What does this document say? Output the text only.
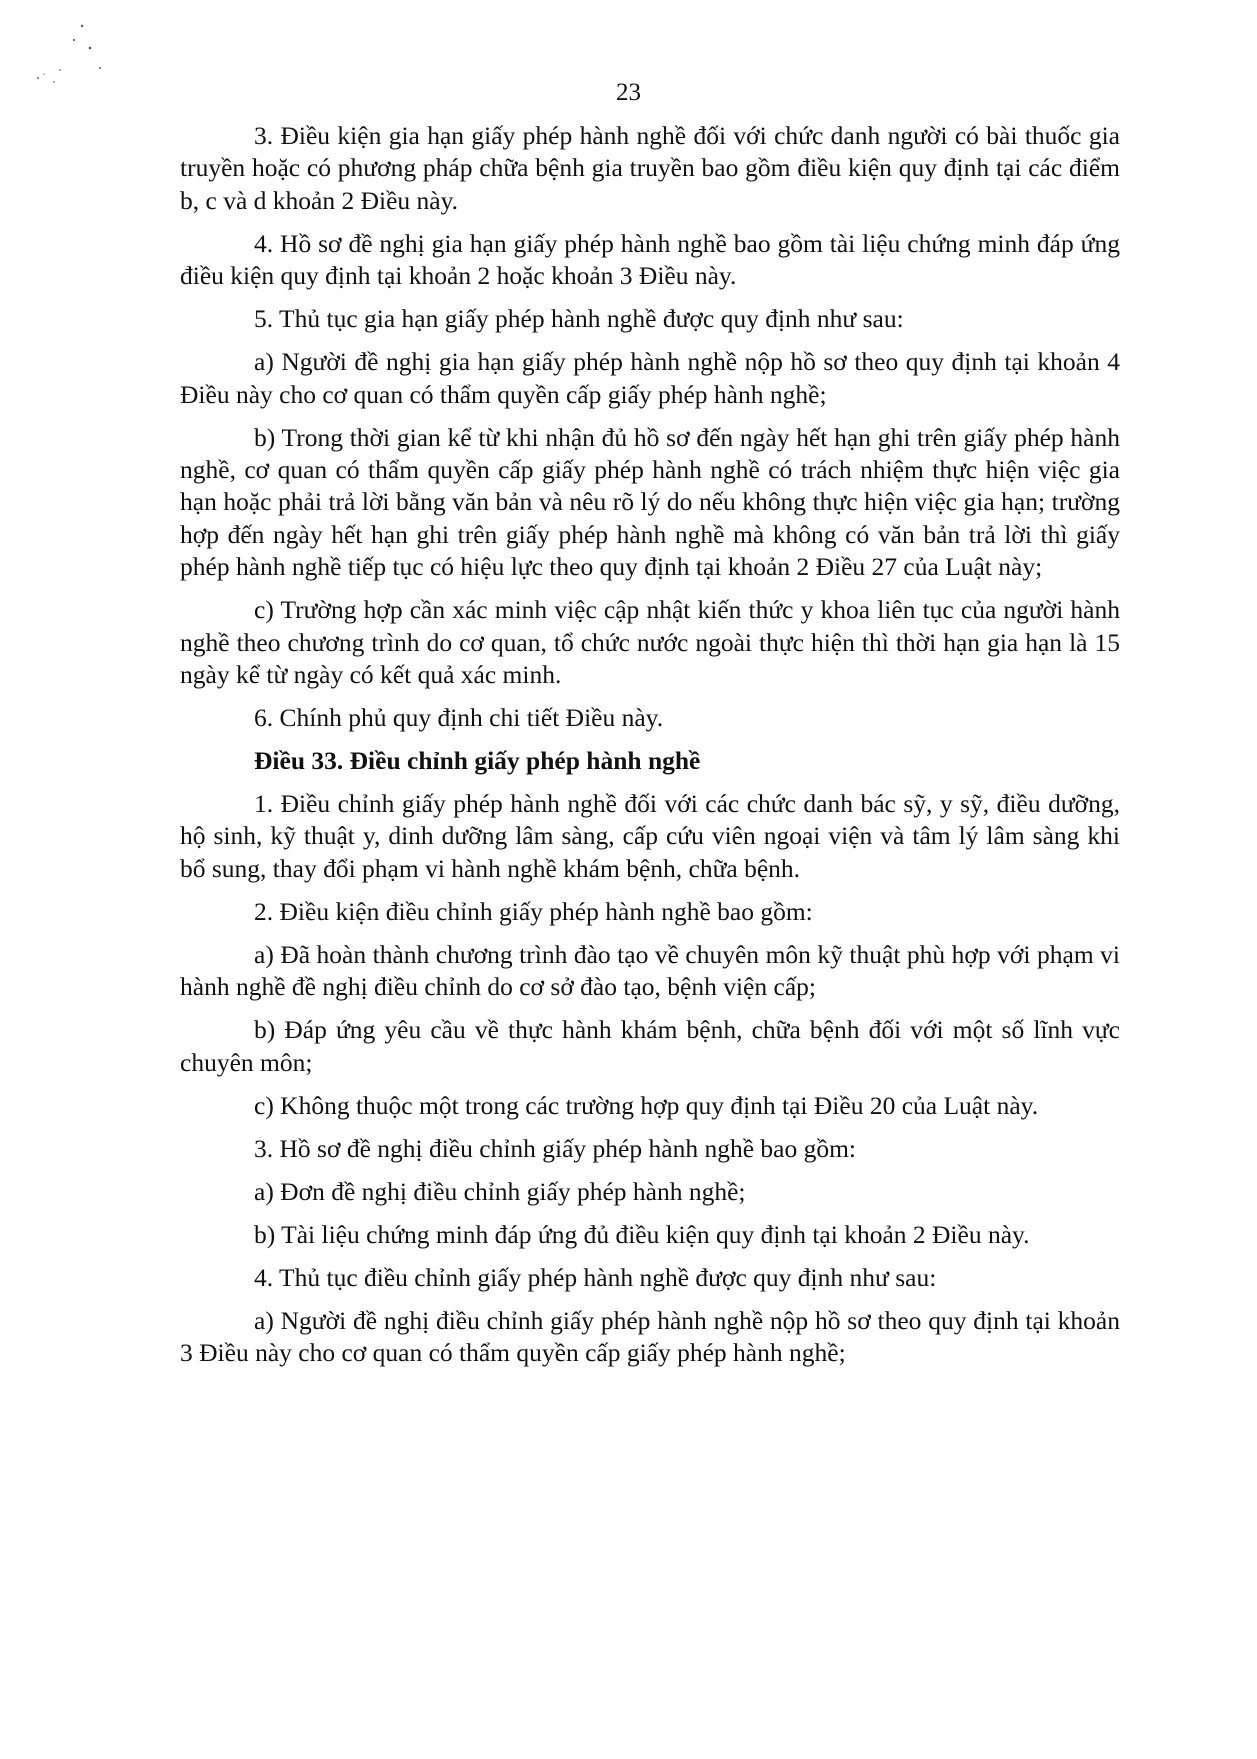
23

3. Điều kiện gia hạn giấy phép hành nghề đối với chức danh người có bài thuốc gia truyền hoặc có phương pháp chữa bệnh gia truyền bao gồm điều kiện quy định tại các điểm b, c và d khoản 2 Điều này.

4. Hồ sơ đề nghị gia hạn giấy phép hành nghề bao gồm tài liệu chứng minh đáp ứng điều kiện quy định tại khoản 2 hoặc khoản 3 Điều này.

5. Thủ tục gia hạn giấy phép hành nghề được quy định như sau:

a) Người đề nghị gia hạn giấy phép hành nghề nộp hồ sơ theo quy định tại khoản 4 Điều này cho cơ quan có thẩm quyền cấp giấy phép hành nghề;

b) Trong thời gian kể từ khi nhận đủ hồ sơ đến ngày hết hạn ghi trên giấy phép hành nghề, cơ quan có thẩm quyền cấp giấy phép hành nghề có trách nhiệm thực hiện việc gia hạn hoặc phải trả lời bằng văn bản và nêu rõ lý do nếu không thực hiện việc gia hạn; trường hợp đến ngày hết hạn ghi trên giấy phép hành nghề mà không có văn bản trả lời thì giấy phép hành nghề tiếp tục có hiệu lực theo quy định tại khoản 2 Điều 27 của Luật này;

c) Trường hợp cần xác minh việc cập nhật kiến thức y khoa liên tục của người hành nghề theo chương trình do cơ quan, tổ chức nước ngoài thực hiện thì thời hạn gia hạn là 15 ngày kể từ ngày có kết quả xác minh.

6. Chính phủ quy định chi tiết Điều này.

Điều 33. Điều chỉnh giấy phép hành nghề

1. Điều chỉnh giấy phép hành nghề đối với các chức danh bác sỹ, y sỹ, điều dưỡng, hộ sinh, kỹ thuật y, dinh dưỡng lâm sàng, cấp cứu viên ngoại viện và tâm lý lâm sàng khi bổ sung, thay đổi phạm vi hành nghề khám bệnh, chữa bệnh.

2. Điều kiện điều chỉnh giấy phép hành nghề bao gồm:

a) Đã hoàn thành chương trình đào tạo về chuyên môn kỹ thuật phù hợp với phạm vi hành nghề đề nghị điều chỉnh do cơ sở đào tạo, bệnh viện cấp;

b) Đáp ứng yêu cầu về thực hành khám bệnh, chữa bệnh đối với một số lĩnh vực chuyên môn;

c) Không thuộc một trong các trường hợp quy định tại Điều 20 của Luật này.

3. Hồ sơ đề nghị điều chỉnh giấy phép hành nghề bao gồm:

a) Đơn đề nghị điều chỉnh giấy phép hành nghề;

b) Tài liệu chứng minh đáp ứng đủ điều kiện quy định tại khoản 2 Điều này.

4. Thủ tục điều chỉnh giấy phép hành nghề được quy định như sau:

a) Người đề nghị điều chỉnh giấy phép hành nghề nộp hồ sơ theo quy định tại khoản 3 Điều này cho cơ quan có thẩm quyền cấp giấy phép hành nghề;
